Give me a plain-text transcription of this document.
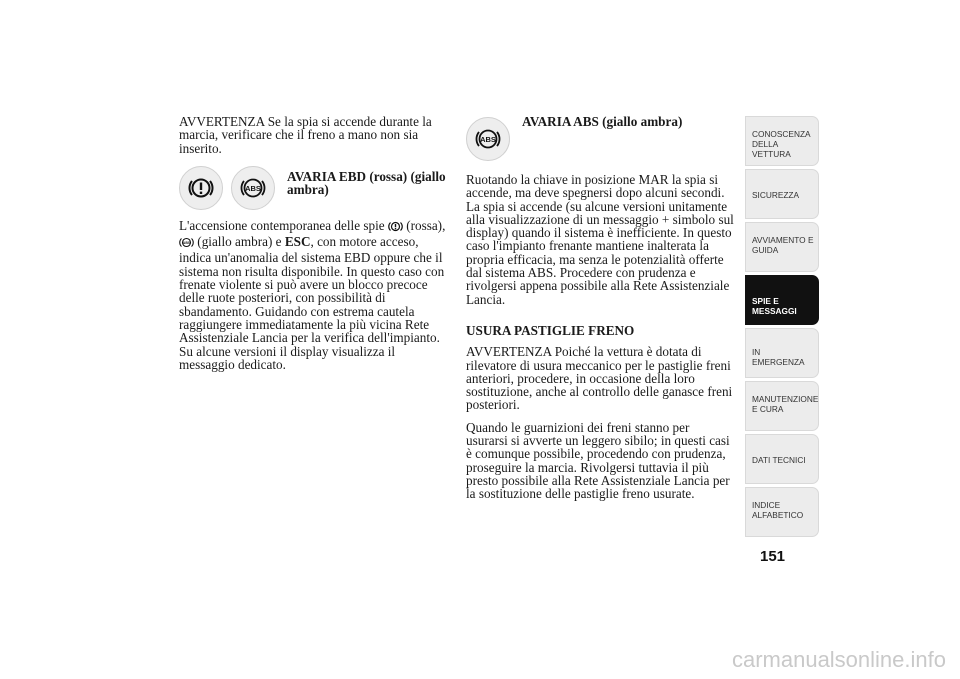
AVVERTENZA Se la spia si accende durante la marcia, verificare che il freno a mano non sia inserito.

ABS
AVARIA EBD (rossa) (giallo ambra)

L'accensione contemporanea delle spie (rossa),
ABS (giallo ambra) e ESC, con motore acceso, indica un'anomalia del sistema EBD oppure che il sistema non risulta disponibile. In questo caso con frenate violente si può avere un blocco precoce delle ruote posteriori, con possibilità di sbandamento. Guidando con estrema cautela raggiungere immediatamente la più vicina Rete Assistenziale Lancia per la verifica dell'impianto. Su alcune versioni il display visualizza il messaggio dedicato.

ABS
AVARIA ABS (giallo ambra)

Ruotando la chiave in posizione MAR la spia si accende, ma deve spegnersi dopo alcuni secondi. La spia si accende (su alcune versioni unitamente alla visualizzazione di un messaggio + simbolo sul display) quando il sistema è inefficiente. In questo caso l'impianto frenante mantiene inalterata la propria efficacia, ma senza le potenzialità offerte dal sistema ABS. Procedere con prudenza e rivolgersi appena possibile alla Rete Assistenziale Lancia.

USURA PASTIGLIE FRENO

AVVERTENZA Poiché la vettura è dotata di rilevatore di usura meccanico per le pastiglie freni anteriori, procedere, in occasione della loro sostituzione, anche al controllo delle ganasce freni posteriori.

Quando le guarnizioni dei freni stanno per usurarsi si avverte un leggero sibilo; in questi casi è comunque possibile, procedendo con prudenza, proseguire la marcia. Rivolgersi tuttavia il più presto possibile alla Rete Assistenziale Lancia per la sostituzione delle pastiglie freno usurate.

CONOSCENZA DELLA VETTURA
SICUREZZA
AVVIAMENTO E GUIDA
SPIE E MESSAGGI
IN EMERGENZA
MANUTENZIONE E CURA
DATI TECNICI
INDICE ALFABETICO
151
carmanualsonline.info
